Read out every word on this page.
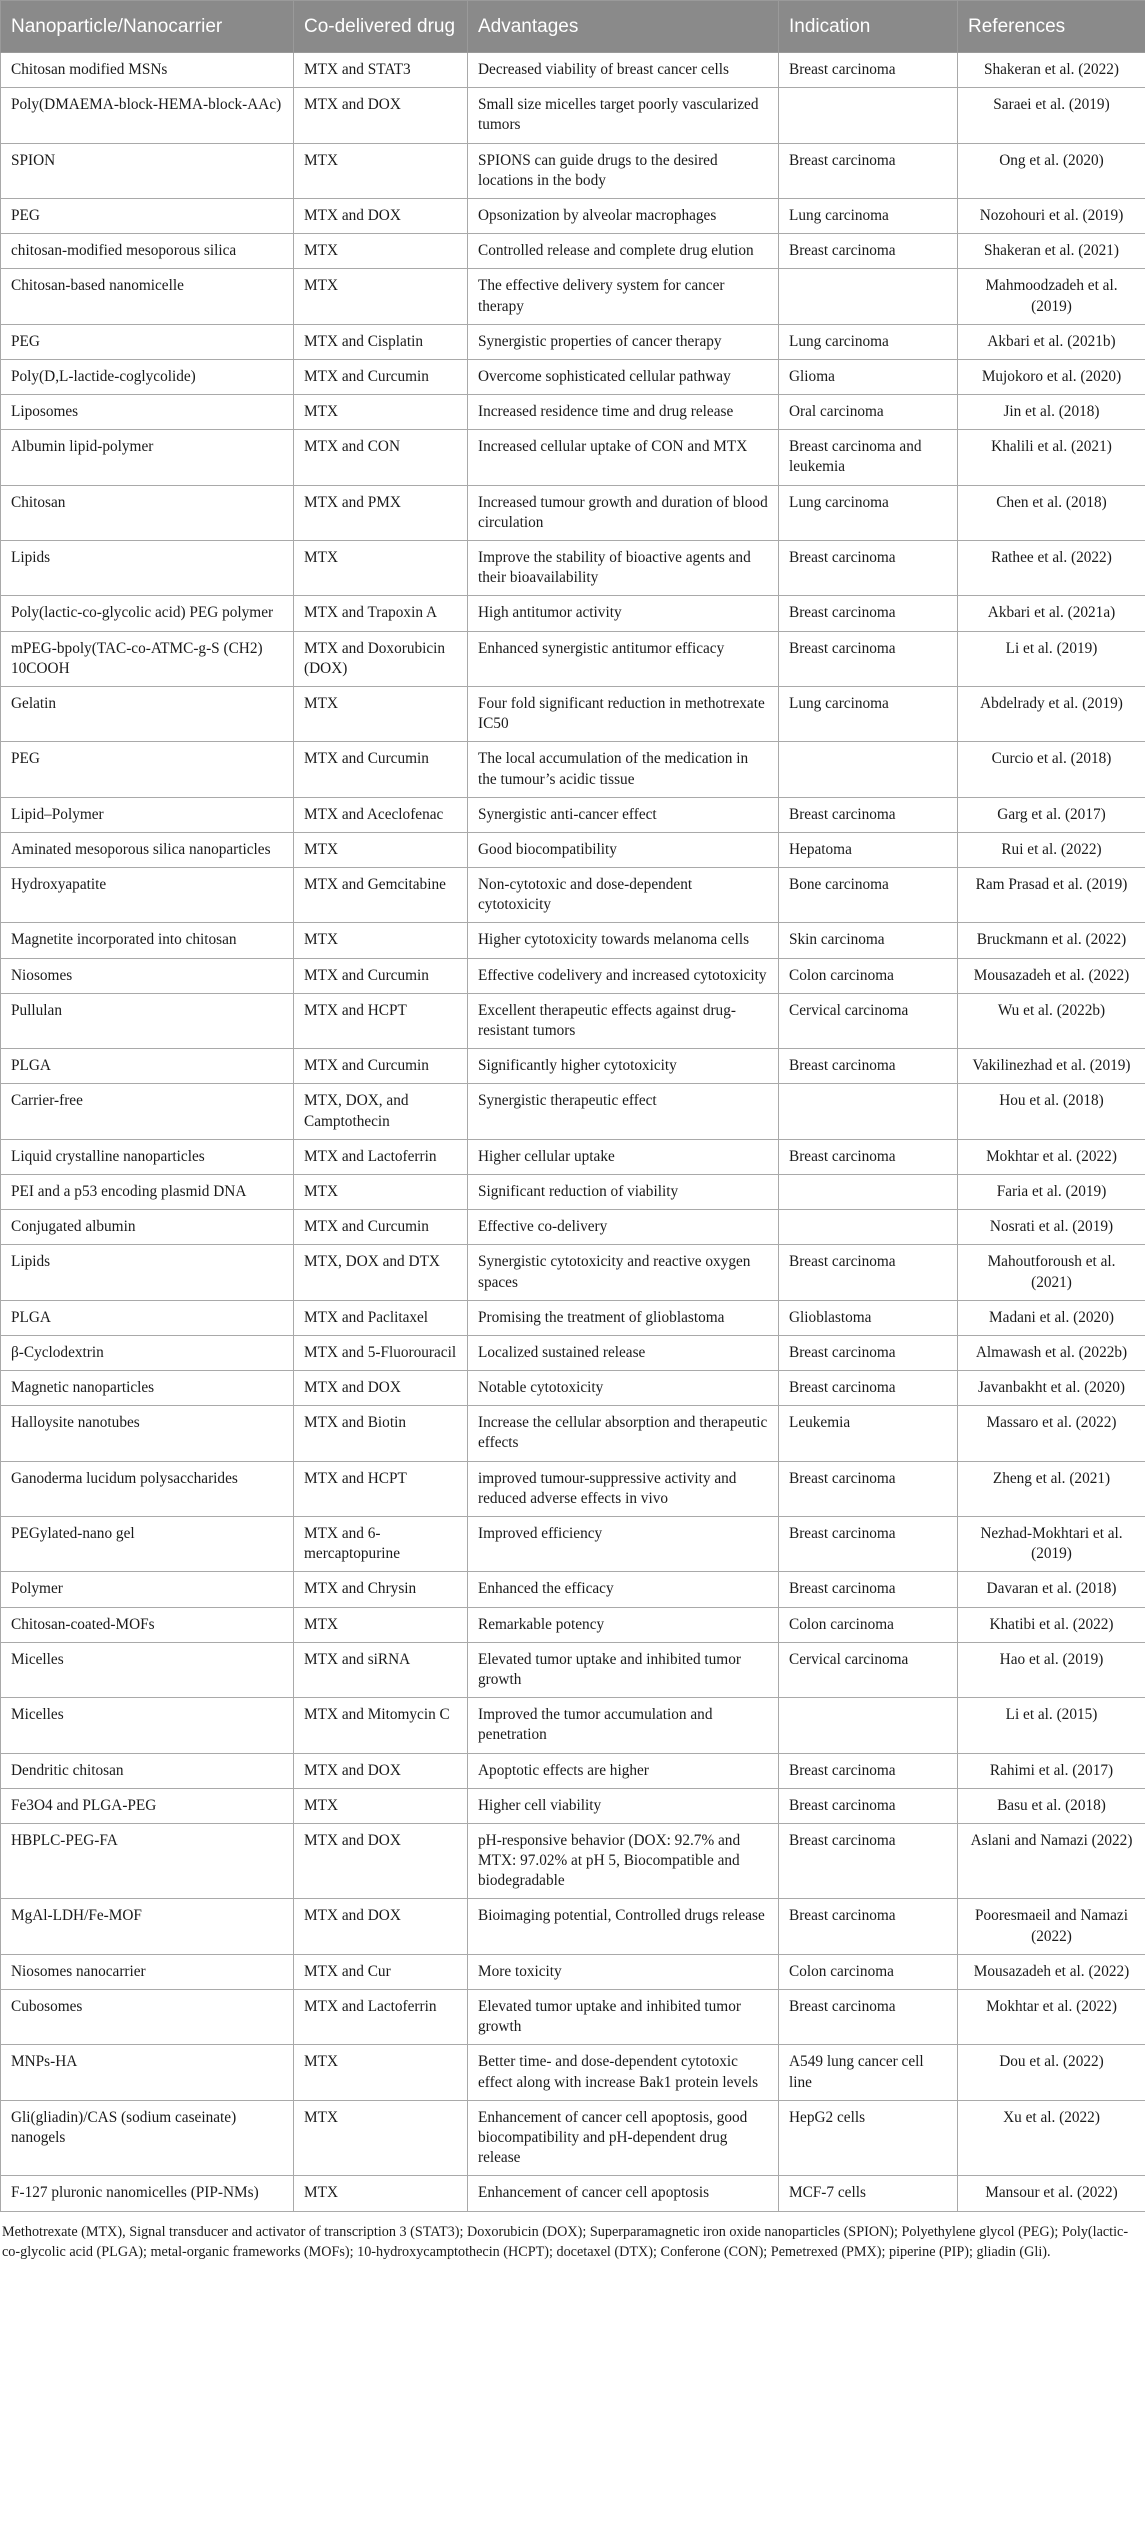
Nanoparticle/Nanocarrier	Co-delivered drug	Advantages	Indication	References
Chitosan modified MSNs	MTX and STAT3	Decreased viability of breast cancer cells	Breast carcinoma	Shakeran et al. (2022)
Poly(DMAEMA-block-HEMA-block-AAc)	MTX and DOX	Small size micelles target poorly vascularized tumors		Saraei et al. (2019)
SPION	MTX	SPIONS can guide drugs to the desired locations in the body	Breast carcinoma	Ong et al. (2020)
PEG	MTX and DOX	Opsonization by alveolar macrophages	Lung carcinoma	Nozohouri et al. (2019)
chitosan-modified mesoporous silica	MTX	Controlled release and complete drug elution	Breast carcinoma	Shakeran et al. (2021)
Chitosan-based nanomicelle	MTX	The effective delivery system for cancer therapy		Mahmoodzadeh et al. (2019)
PEG	MTX and Cisplatin	Synergistic properties of cancer therapy	Lung carcinoma	Akbari et al. (2021b)
Poly(D,L-lactide-coglycolide)	MTX and Curcumin	Overcome sophisticated cellular pathway	Glioma	Mujokoro et al. (2020)
Liposomes	MTX	Increased residence time and drug release	Oral carcinoma	Jin et al. (2018)
Albumin lipid-polymer	MTX and CON	Increased cellular uptake of CON and MTX	Breast carcinoma and leukemia	Khalili et al. (2021)
Chitosan	MTX and PMX	Increased tumour growth and duration of blood circulation	Lung carcinoma	Chen et al. (2018)
Lipids	MTX	Improve the stability of bioactive agents and their bioavailability	Breast carcinoma	Rathee et al. (2022)
Poly(lactic-co-glycolic acid) PEG polymer	MTX and Trapoxin A	High antitumor activity	Breast carcinoma	Akbari et al. (2021a)
mPEG-bpoly(TAC-co-ATMC-g-S (CH2) 10COOH	MTX and Doxorubicin (DOX)	Enhanced synergistic antitumor efficacy	Breast carcinoma	Li et al. (2019)
Gelatin	MTX	Four fold significant reduction in methotrexate IC50	Lung carcinoma	Abdelrady et al. (2019)
PEG	MTX and Curcumin	The local accumulation of the medication in the tumour’s acidic tissue		Curcio et al. (2018)
Lipid–Polymer	MTX and Aceclofenac	Synergistic anti-cancer effect	Breast carcinoma	Garg et al. (2017)
Aminated mesoporous silica nanoparticles	MTX	Good biocompatibility	Hepatoma	Rui et al. (2022)
Hydroxyapatite	MTX and Gemcitabine	Non-cytotoxic and dose-dependent cytotoxicity	Bone carcinoma	Ram Prasad et al. (2019)
Magnetite incorporated into chitosan	MTX	Higher cytotoxicity towards melanoma cells	Skin carcinoma	Bruckmann et al. (2022)
Niosomes	MTX and Curcumin	Effective codelivery and increased cytotoxicity	Colon carcinoma	Mousazadeh et al. (2022)
Pullulan	MTX and HCPT	Excellent therapeutic effects against drug-resistant tumors	Cervical carcinoma	Wu et al. (2022b)
PLGA	MTX and Curcumin	Significantly higher cytotoxicity	Breast carcinoma	Vakilinezhad et al. (2019)
Carrier-free	MTX, DOX, and Camptothecin	Synergistic therapeutic effect		Hou et al. (2018)
Liquid crystalline nanoparticles	MTX and Lactoferrin	Higher cellular uptake	Breast carcinoma	Mokhtar et al. (2022)
PEI and a p53 encoding plasmid DNA	MTX	Significant reduction of viability		Faria et al. (2019)
Conjugated albumin	MTX and Curcumin	Effective co-delivery		Nosrati et al. (2019)
Lipids	MTX, DOX and DTX	Synergistic cytotoxicity and reactive oxygen spaces	Breast carcinoma	Mahoutforoush et al. (2021)
PLGA	MTX and Paclitaxel	Promising the treatment of glioblastoma	Glioblastoma	Madani et al. (2020)
β-Cyclodextrin	MTX and 5-Fluorouracil	Localized sustained release	Breast carcinoma	Almawash et al. (2022b)
Magnetic nanoparticles	MTX and DOX	Notable cytotoxicity	Breast carcinoma	Javanbakht et al. (2020)
Halloysite nanotubes	MTX and Biotin	Increase the cellular absorption and therapeutic effects	Leukemia	Massaro et al. (2022)
Ganoderma lucidum polysaccharides	MTX and HCPT	improved tumour-suppressive activity and reduced adverse effects in vivo	Breast carcinoma	Zheng et al. (2021)
PEGylated-nano gel	MTX and 6-mercaptopurine	Improved efficiency	Breast carcinoma	Nezhad-Mokhtari et al. (2019)
Polymer	MTX and Chrysin	Enhanced the efficacy	Breast carcinoma	Davaran et al. (2018)
Chitosan-coated-MOFs	MTX	Remarkable potency	Colon carcinoma	Khatibi et al. (2022)
Micelles	MTX and siRNA	Elevated tumor uptake and inhibited tumor growth	Cervical carcinoma	Hao et al. (2019)
Micelles	MTX and Mitomycin C	Improved the tumor accumulation and penetration		Li et al. (2015)
Dendritic chitosan	MTX and DOX	Apoptotic effects are higher	Breast carcinoma	Rahimi et al. (2017)
Fe3O4 and PLGA-PEG	MTX	Higher cell viability	Breast carcinoma	Basu et al. (2018)
HBPLC-PEG-FA	MTX and DOX	pH-responsive behavior (DOX: 92.7% and MTX: 97.02% at pH 5, Biocompatible and biodegradable	Breast carcinoma	Aslani and Namazi (2022)
MgAl-LDH/Fe-MOF	MTX and DOX	Bioimaging potential, Controlled drugs release	Breast carcinoma	Pooresmaeil and Namazi (2022)
Niosomes nanocarrier	MTX and Cur	More toxicity	Colon carcinoma	Mousazadeh et al. (2022)
Cubosomes	MTX and Lactoferrin	Elevated tumor uptake and inhibited tumor growth	Breast carcinoma	Mokhtar et al. (2022)
MNPs-HA	MTX	Better time- and dose-dependent cytotoxic effect along with increase Bak1 protein levels	A549 lung cancer cell line	Dou et al. (2022)
Gli(gliadin)/CAS (sodium caseinate) nanogels	MTX	Enhancement of cancer cell apoptosis, good biocompatibility and pH-dependent drug release	HepG2 cells	Xu et al. (2022)
F-127 pluronic nanomicelles (PIP-NMs)	MTX	Enhancement of cancer cell apoptosis	MCF-7 cells	Mansour et al. (2022)
Methotrexate (MTX), Signal transducer and activator of transcription 3 (STAT3); Doxorubicin (DOX); Superparamagnetic iron oxide nanoparticles (SPION); Polyethylene glycol (PEG); Poly(lactic-co-glycolic acid (PLGA); metal-organic frameworks (MOFs); 10-hydroxycamptothecin (HCPT); docetaxel (DTX); Conferone (CON); Pemetrexed (PMX); piperine (PIP); gliadin (Gli).
